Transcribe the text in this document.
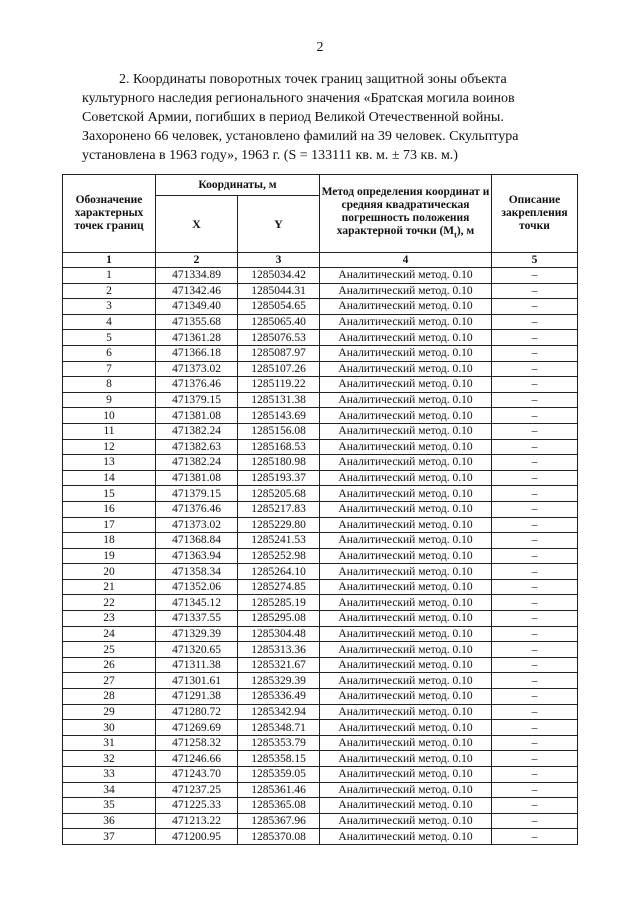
2
2. Координаты поворотных точек границ защитной зоны объекта
культурного наследия регионального значения «Братская могила воинов
Советской Армии, погибших в период Великой Отечественной войны.
Захоронено 66 человек, установлено фамилий на 39 человек. Скульптура
установлена в 1963 году», 1963 г. (S = 133111 кв. м. ± 73 кв. м.)
Обозначение характерных точек границ	Координаты, м		Метод определения координат и средняя квадратическая погрешность положения характерной точки $(M_t)$, м	Описание закрепления точки
	X	Y		
1	2	3	4	5
1	471334.89	1285034.42	Аналитический метод. 0.10	–
2	471342.46	1285044.31	Аналитический метод. 0.10	–
3	471349.40	1285054.65	Аналитический метод. 0.10	–
4	471355.68	1285065.40	Аналитический метод. 0.10	–
5	471361.28	1285076.53	Аналитический метод. 0.10	–
6	471366.18	1285087.97	Аналитический метод. 0.10	–
7	471373.02	1285107.26	Аналитический метод. 0.10	–
8	471376.46	1285119.22	Аналитический метод. 0.10	–
9	471379.15	1285131.38	Аналитический метод. 0.10	–
10	471381.08	1285143.69	Аналитический метод. 0.10	–
11	471382.24	1285156.08	Аналитический метод. 0.10	–
12	471382.63	1285168.53	Аналитический метод. 0.10	–
13	471382.24	1285180.98	Аналитический метод. 0.10	–
14	471381.08	1285193.37	Аналитический метод. 0.10	–
15	471379.15	1285205.68	Аналитический метод. 0.10	–
16	471376.46	1285217.83	Аналитический метод. 0.10	–
17	471373.02	1285229.80	Аналитический метод. 0.10	–
18	471368.84	1285241.53	Аналитический метод. 0.10	–
19	471363.94	1285252.98	Аналитический метод. 0.10	–
20	471358.34	1285264.10	Аналитический метод. 0.10	–
21	471352.06	1285274.85	Аналитический метод. 0.10	–
22	471345.12	1285285.19	Аналитический метод. 0.10	–
23	471337.55	1285295.08	Аналитический метод. 0.10	–
24	471329.39	1285304.48	Аналитический метод. 0.10	–
25	471320.65	1285313.36	Аналитический метод. 0.10	–
26	471311.38	1285321.67	Аналитический метод. 0.10	–
27	471301.61	1285329.39	Аналитический метод. 0.10	–
28	471291.38	1285336.49	Аналитический метод. 0.10	–
29	471280.72	1285342.94	Аналитический метод. 0.10	–
30	471269.69	1285348.71	Аналитический метод. 0.10	–
31	471258.32	1285353.79	Аналитический метод. 0.10	–
32	471246.66	1285358.15	Аналитический метод. 0.10	–
33	471243.70	1285359.05	Аналитический метод. 0.10	–
34	471237.25	1285361.46	Аналитический метод. 0.10	–
35	471225.33	1285365.08	Аналитический метод. 0.10	–
36	471213.22	1285367.96	Аналитический метод. 0.10	–
37	471200.95	1285370.08	Аналитический метод. 0.10	–
